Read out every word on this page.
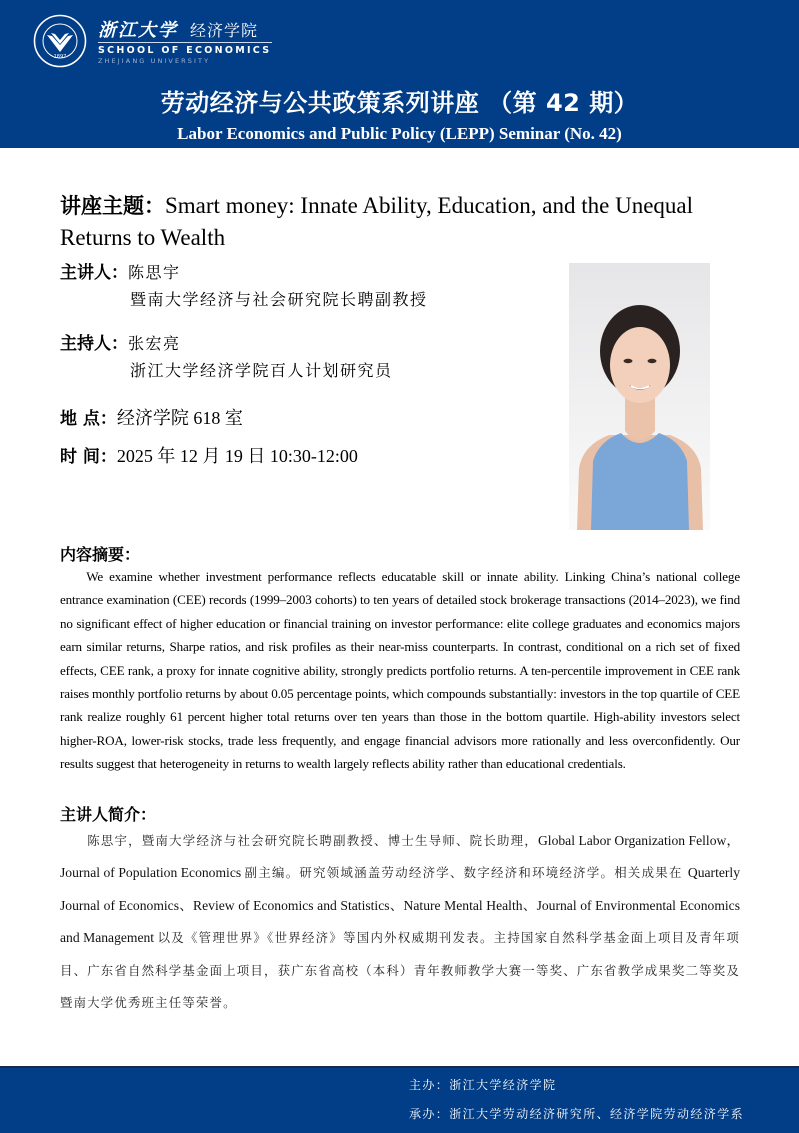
1897
浙江大学 经济学院
SCHOOL OF ECONOMICS
ZHEJIANG UNIVERSITY
劳动经济与公共政策系列讲座 （第 42 期）
Labor Economics and Public Policy (LEPP) Seminar (No. 42)
讲座主题：Smart money: Innate Ability, Education, and the Unequal Returns to Wealth
主讲人：陈思宇
暨南大学经济与社会研究院长聘副教授
主持人：张宏亮
浙江大学经济学院百人计划研究员
地 点：经济学院 618 室
时 间：2025 年 12 月 19 日 10:30-12:00
内容摘要：

We examine whether investment performance reflects educatable skill or innate ability. Linking China’s national college entrance examination (CEE) records (1999–2003 cohorts) to ten years of detailed stock brokerage transactions (2014–2023), we find no significant effect of higher education or financial training on investor performance: elite college graduates and economics majors earn similar returns, Sharpe ratios, and risk profiles as their near-miss counterparts. In contrast, conditional on a rich set of fixed effects, CEE rank, a proxy for innate cognitive ability, strongly predicts portfolio returns. A ten-percentile improvement in CEE rank raises monthly portfolio returns by about 0.05 percentage points, which compounds substantially: investors in the top quartile of CEE rank realize roughly 61 percent higher total returns over ten years than those in the bottom quartile. High-ability investors select higher-ROA, lower-risk stocks, trade less frequently, and engage financial advisors more rationally and less overconfidently. Our results suggest that heterogeneity in returns to wealth largely reflects ability rather than educational credentials.

主讲人简介：

陈思宇，暨南大学经济与社会研究院长聘副教授、博士生导师、院长助理，Global Labor Organization Fellow，Journal of Population Economics 副主编。研究领域涵盖劳动经济学、数字经济和环境经济学。相关成果在 Quarterly Journal of Economics、Review of Economics and Statistics、Nature Mental Health、Journal of Environmental Economics and Management 以及《管理世界》《世界经济》等国内外权威期刊发表。主持国家自然科学基金面上项目及青年项目、广东省自然科学基金面上项目，获广东省高校（本科）青年教师教学大赛一等奖、广东省教学成果奖二等奖及暨南大学优秀班主任等荣誉。

主办：浙江大学经济学院
承办：浙江大学劳动经济研究所、经济学院劳动经济学系
